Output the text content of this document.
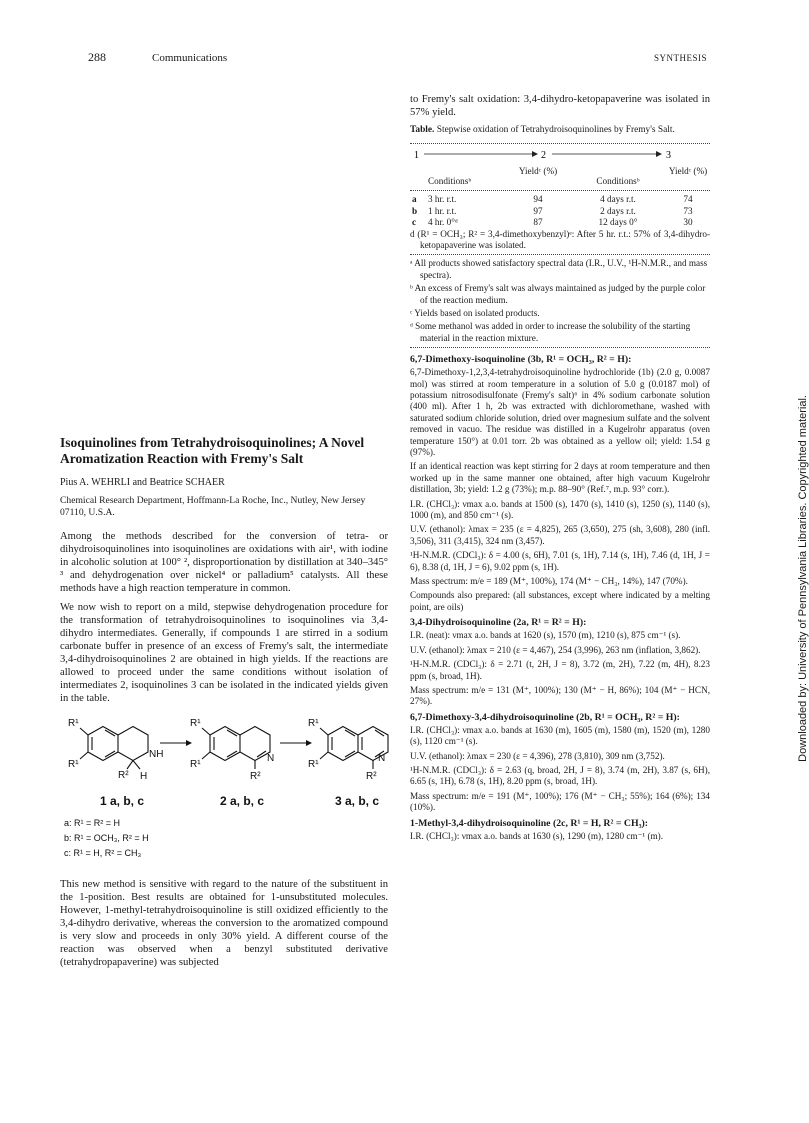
288	Communications	SYNTHESIS

to Fremy's salt oxidation: 3,4-dihydro-ketopapaverine was isolated in 57% yield.

Table. Stepwise oxidation of Tetrahydroisoquinolines by Fremy's Salt.
1	2	3
	Conditionsᵇ	Yieldᶜ (%)	Conditionsᵇ	Yieldᶜ (%)
a	3 hr. r.t.	94	4 days r.t.	74
b	1 hr. r.t.	97	2 days r.t.	73
c	4 hr. 0°ᵈ	87	12 days 0°	30

d (R¹ = OCH₃; R² = 3,4-dimethoxybenzyl)ᵉ: After 5 hr. r.t.: 57% of 3,4-dihydro-ketopapaverine was isolated.

ᵃ All products showed satisfactory spectral data (I.R., U.V., ¹H-N.M.R., and mass spectra).

ᵇ An excess of Fremy's salt was always maintained as judged by the purple color of the reaction medium.

ᶜ Yields based on isolated products.

ᵈ Some methanol was added in order to increase the solubility of the starting material in the reaction mixture.

6,7-Dimethoxy-isoquinoline (3b, R¹ = OCH₃, R² = H):

6,7-Dimethoxy-1,2,3,4-tetrahydroisoquinoline hydrochloride (1b) (2.0 g, 0.0087 mol) was stirred at room temperature in a solution of 5.0 g (0.0187 mol) of potassium nitrosodisulfonate (Fremy's salt)⁶ in 4% sodium carbonate solution (400 ml). After 1 h, 2b was extracted with dichloromethane, washed with saturated sodium chloride solution, dried over magnesium sulfate and the solvent removed in vacuo. The residue was distilled in a Kugelrohr apparatus (oven temperature 150°) at 0.01 torr. 2b was obtained as a yellow oil; yield: 1.54 g (97%).

If an identical reaction was kept stirring for 2 days at room temperature and then worked up in the same manner one obtained, after high vacuum Kugelrohr distillation, 3b; yield: 1.2 g (73%); m.p. 88–90° (Ref.⁷, m.p. 93° corr.).

I.R. (CHCl₃): νmax a.o. bands at 1500 (s), 1470 (s), 1410 (s), 1250 (s), 1140 (s), 1000 (m), and 850 cm⁻¹ (s).

U.V. (ethanol): λmax = 235 (ε = 4,825), 265 (3,650), 275 (sh, 3,608), 280 (infl. 3,506), 311 (3,415), 324 nm (3,457).

¹H-N.M.R. (CDCl₃): δ = 4.00 (s, 6H), 7.01 (s, 1H), 7.14 (s, 1H), 7.46 (d, 1H, J = 6), 8.38 (d, 1H, J = 6), 9.02 ppm (s, 1H).

Mass spectrum: m/e = 189 (M⁺, 100%), 174 (M⁺ − CH₃, 14%), 147 (70%).

Compounds also prepared: (all substances, except where indicated by a melting point, are oils)

3,4-Dihydroisoquinoline (2a, R¹ = R² = H):

I.R. (neat): νmax a.o. bands at 1620 (s), 1570 (m), 1210 (s), 875 cm⁻¹ (s).

U.V. (ethanol): λmax = 210 (ε = 4,467), 254 (3,996), 263 nm (inflation, 3,862).

¹H-N.M.R. (CDCl₃): δ = 2.71 (t, 2H, J = 8), 3.72 (m, 2H), 7.22 (m, 4H), 8.23 ppm (s, broad, 1H).

Mass spectrum: m/e = 131 (M⁺, 100%); 130 (M⁺ − H, 86%); 104 (M⁺ − HCN, 27%).

6,7-Dimethoxy-3,4-dihydroisoquinoline (2b, R¹ = OCH₃, R² = H):

I.R. (CHCl₃): νmax a.o. bands at 1630 (m), 1605 (m), 1580 (m), 1520 (m), 1280 (s), 1120 cm⁻¹ (s).

U.V. (ethanol): λmax = 230 (ε = 4,396), 278 (3,810), 309 nm (3,752).

¹H-N.M.R. (CDCl₃): δ = 2.63 (q, broad, 2H, J = 8), 3.74 (m, 2H), 3.87 (s, 6H), 6.65 (s, 1H), 6.78 (s, 1H), 8.20 ppm (s, broad, 1H).

Mass spectrum: m/e = 191 (M⁺, 100%); 176 (M⁺ − CH₃; 55%); 164 (6%); 134 (10%).

1-Methyl-3,4-dihydroisoquinoline (2c, R¹ = H, R² = CH₃):

I.R. (CHCl₃): νmax a.o. bands at 1630 (s), 1290 (m), 1280 cm⁻¹ (m).

Isoquinolines from Tetrahydroisoquinolines; A Novel Aromatization Reaction with Fremy's Salt
Pius A. WEHRLI and Beatrice SCHAER
Chemical Research Department, Hoffmann-La Roche, Inc., Nutley, New Jersey 07110, U.S.A.

Among the methods described for the conversion of tetra- or dihydroisoquinolines into isoquinolines are oxidations with air¹, with iodine in alcoholic solution at 100° ², disproportionation by distillation at 340–345° ³ and dehydrogenation over nickel⁴ or palladium⁵ catalysts. All these methods have a high reaction temperature in common.

We now wish to report on a mild, stepwise dehydrogenation procedure for the transformation of tetrahydroisoquinolines to isoquinolines via 3,4-dihydro intermediates. Generally, if compounds 1 are stirred in a sodium carbonate buffer in presence of an excess of Fremy's salt, the intermediate 3,4-dihydroisoquinolines 2 are obtained in high yields. If the reactions are allowed to proceed under the same conditions without isolation of intermediates 2, isoquinolines 3 can be isolated in the indicated yields given in the table.

R¹
R¹
NH
R² H
R¹
R¹
N
R²
R¹
R¹
N
R²
1 a, b, c	2 a, b, c	3 a, b, c
a: R¹ = R² = H
b: R¹ = OCH₃, R² = H
c: R¹ = H, R² = CH₃

This new method is sensitive with regard to the nature of the substituent in the 1-position. Best results are obtained for 1-unsubstituted molecules. However, 1-methyl-tetrahydroisoquinoline is still oxidized efficiently to the 3,4-dihydro derivative, whereas the conversion to the aromatized compound is very slow and proceeds in only 30% yield. A different course of the reaction was observed when a benzyl substituted derivative (tetrahydropapaverine) was subjected

Downloaded by: University of Pennsylvania Libraries. Copyrighted material.
